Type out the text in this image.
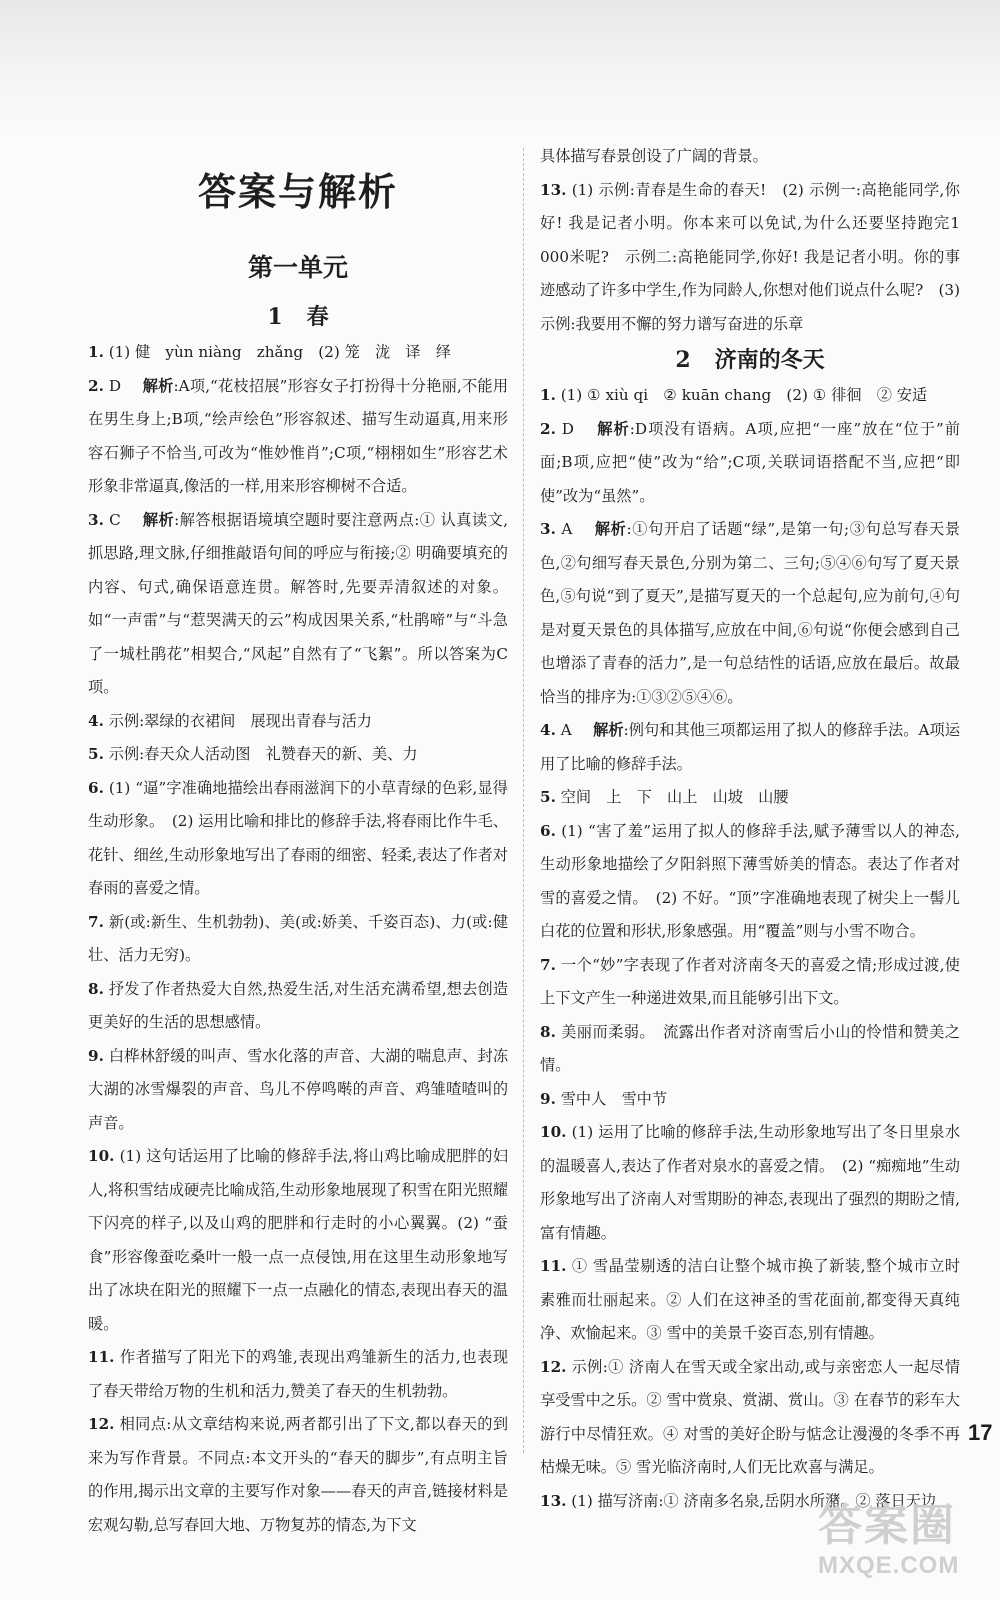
答案与解析
第一单元
1 春

1. (1) 健　yùn niàng　zhǎng　(2) 笼　泷　译　绎

2. D　 解析:A项,“花枝招展”形容女子打扮得十分艳丽,不能用在男生身上;B项,“绘声绘色”形容叙述、描写生动逼真,用来形容石狮子不恰当,可改为“惟妙惟肖”;C项,“栩栩如生”形容艺术形象非常逼真,像活的一样,用来形容柳树不合适。

3. C　 解析:解答根据语境填空题时要注意两点:① 认真读文,抓思路,理文脉,仔细推敲语句间的呼应与衔接;② 明确要填充的内容、句式,确保语意连贯。解答时,先要弄清叙述的对象。如“一声雷”与“惹哭满天的云”构成因果关系,“杜鹃啼”与“斗急了一城杜鹃花”相契合,“风起”自然有了“飞絮”。所以答案为C项。

4. 示例:翠绿的衣裙间　展现出青春与活力

5. 示例:春天众人活动图　礼赞春天的新、美、力

6. (1) “逼”字准确地描绘出春雨滋润下的小草青绿的色彩,显得生动形象。　(2) 运用比喻和排比的修辞手法,将春雨比作牛毛、花针、细丝,生动形象地写出了春雨的细密、轻柔,表达了作者对春雨的喜爱之情。

7. 新(或:新生、生机勃勃)、美(或:娇美、千姿百态)、力(或:健壮、活力无穷)。

8. 抒发了作者热爱大自然,热爱生活,对生活充满希望,想去创造更美好的生活的思想感情。

9. 白桦林舒缓的叫声、雪水化落的声音、大湖的喘息声、封冻大湖的冰雪爆裂的声音、鸟儿不停鸣啭的声音、鸡雏喳喳叫的声音。

10. (1) 这句话运用了比喻的修辞手法,将山鸡比喻成肥胖的妇人,将积雪结成硬壳比喻成箔,生动形象地展现了积雪在阳光照耀下闪亮的样子,以及山鸡的肥胖和行走时的小心翼翼。(2) “蚕食”形容像蚕吃桑叶一般一点一点侵蚀,用在这里生动形象地写出了冰块在阳光的照耀下一点一点融化的情态,表现出春天的温暖。

11. 作者描写了阳光下的鸡雏,表现出鸡雏新生的活力,也表现了春天带给万物的生机和活力,赞美了春天的生机勃勃。

12. 相同点:从文章结构来说,两者都引出了下文,都以春天的到来为写作背景。不同点:本文开头的“春天的脚步”,有点明主旨的作用,揭示出文章的主要写作对象——春天的声音,链接材料是宏观勾勒,总写春回大地、万物复苏的情态,为下文

具体描写春景创设了广阔的背景。

13. (1) 示例:青春是生命的春天!　(2) 示例一:高艳能同学,你好! 我是记者小明。你本来可以免试,为什么还要坚持跑完1 000米呢?　示例二:高艳能同学,你好! 我是记者小明。你的事迹感动了许多中学生,作为同龄人,你想对他们说点什么呢?　(3) 示例:我要用不懈的努力谱写奋进的乐章

2 济南的冬天

1. (1) ① xiù qi　② kuān chang　(2) ① 徘徊　② 安适

2. D　 解析:D项没有语病。A项,应把“一座”放在“位于”前面;B项,应把“使”改为“给”;C项,关联词语搭配不当,应把“即使”改为“虽然”。

3. A　 解析:①句开启了话题“绿”,是第一句;③句总写春天景色,②句细写春天景色,分别为第二、三句;⑤④⑥句写了夏天景色,⑤句说“到了夏天”,是描写夏天的一个总起句,应为前句,④句是对夏天景色的具体描写,应放在中间,⑥句说“你便会感到自己也增添了青春的活力”,是一句总结性的话语,应放在最后。故最恰当的排序为:①③②⑤④⑥。

4. A　 解析:例句和其他三项都运用了拟人的修辞手法。A项运用了比喻的修辞手法。

5. 空间　上　下　山上　山坡　山腰

6. (1) “害了羞”运用了拟人的修辞手法,赋予薄雪以人的神态,生动形象地描绘了夕阳斜照下薄雪娇美的情态。表达了作者对雪的喜爱之情。　(2) 不好。“顶”字准确地表现了树尖上一髻儿白花的位置和形状,形象感强。用“覆盖”则与小雪不吻合。

7. 一个“妙”字表现了作者对济南冬天的喜爱之情;形成过渡,使上下文产生一种递进效果,而且能够引出下文。

8. 美丽而柔弱。　流露出作者对济南雪后小山的怜惜和赞美之情。

9. 雪中人　雪中节

10. (1) 运用了比喻的修辞手法,生动形象地写出了冬日里泉水的温暖喜人,表达了作者对泉水的喜爱之情。　(2) “痴痴地”生动形象地写出了济南人对雪期盼的神态,表现出了强烈的期盼之情,富有情趣。

11. ① 雪晶莹剔透的洁白让整个城市换了新装,整个城市立时素雅而壮丽起来。② 人们在这神圣的雪花面前,都变得天真纯净、欢愉起来。③ 雪中的美景千姿百态,别有情趣。

12. 示例:① 济南人在雪天或全家出动,或与亲密恋人一起尽情享受雪中之乐。② 雪中赏泉、赏湖、赏山。③ 在春节的彩车大游行中尽情狂欢。④ 对雪的美好企盼与惦念让漫漫的冬季不再枯燥无味。⑤ 雪光临济南时,人们无比欢喜与满足。

13. (1) 描写济南:① 济南多名泉,岳阴水所潴。② 落日天边

17
答案圈
MXQE.COM
